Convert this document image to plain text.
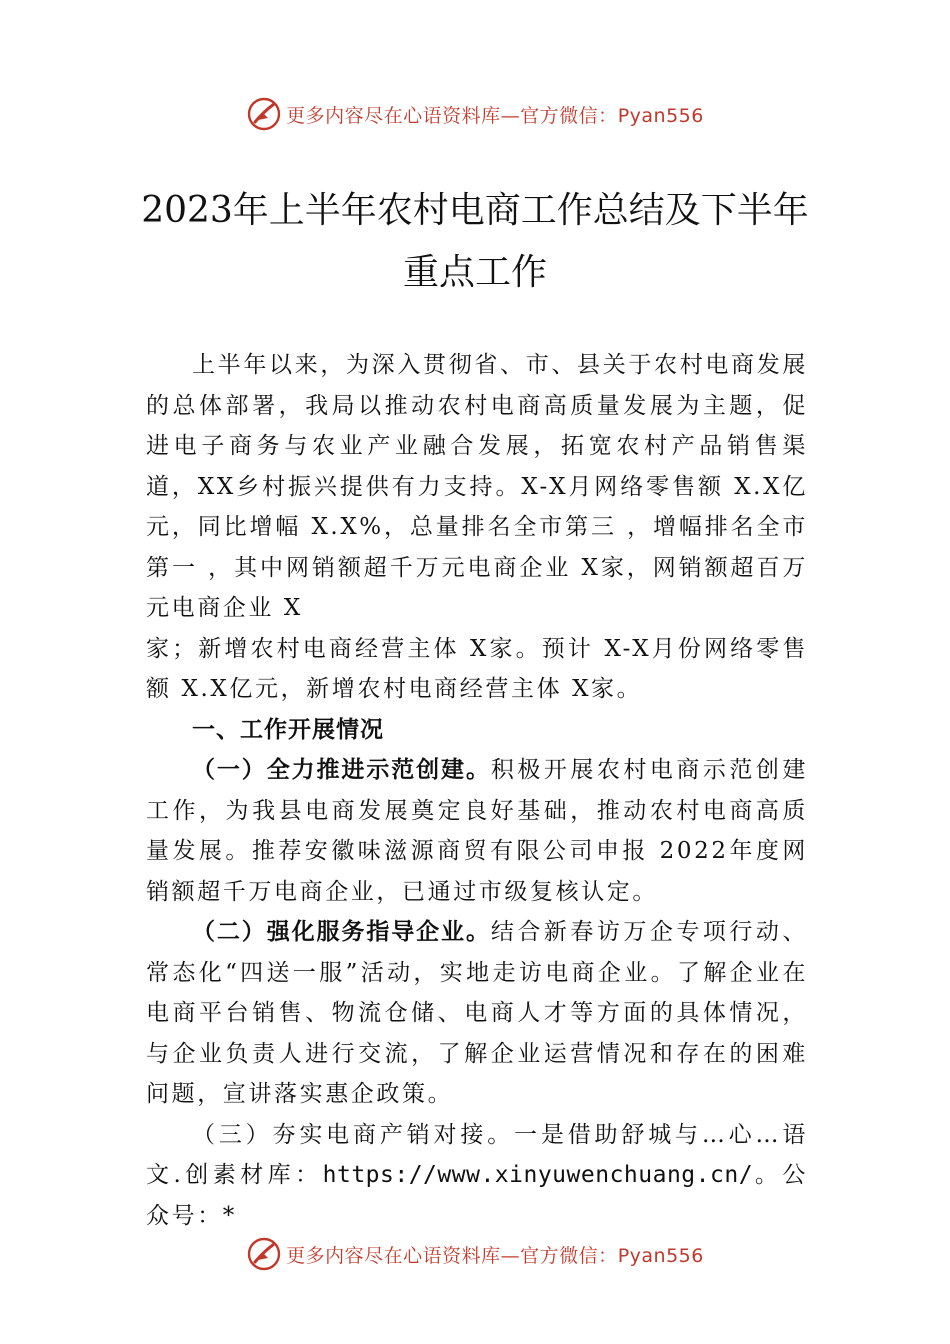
更多内容尽在心语资料库—官方微信：Pyan556
2023年上半年农村电商工作总结及下半年
重点工作

上半年以来，为深入贯彻省、市、县关于农村电商发展的总体部署，我局以推动农村电商高质量发展为主题，促进电子商务与农业产业融合发展，拓宽农村产品销售渠道，XX乡村振兴提供有力支持。X-X月网络零售额 X.X亿元，同比增幅 X.X%，总量排名全市第三 ，增幅排名全市第一 ，其中网销额超千万元电商企业 X家，网销额超百万元电商企业 X

家；新增农村电商经营主体 X家。预计 X-X月份网络零售额 X.X亿元，新增农村电商经营主体 X家。

一、工作开展情况

（一）全力推进示范创建。积极开展农村电商示范创建工作，为我县电商发展奠定良好基础，推动农村电商高质量发展。推荐安徽味滋源商贸有限公司申报 2022年度网销额超千万电商企业，已通过市级复核认定。

（二）强化服务指导企业。结合新春访万企专项行动、常态化“四送一服”活动，实地走访电商企业。了解企业在电商平台销售、物流仓储、电商人才等方面的具体情况，与企业负责人进行交流，了解企业运营情况和存在的困难问题，宣讲落实惠企政策。

（三）夯实电商产销对接。一是借助舒城与…心…语文.创素材库：https://www.xinyuwenchuang.cn/。公众号：*

更多内容尽在心语资料库—官方微信：Pyan556
